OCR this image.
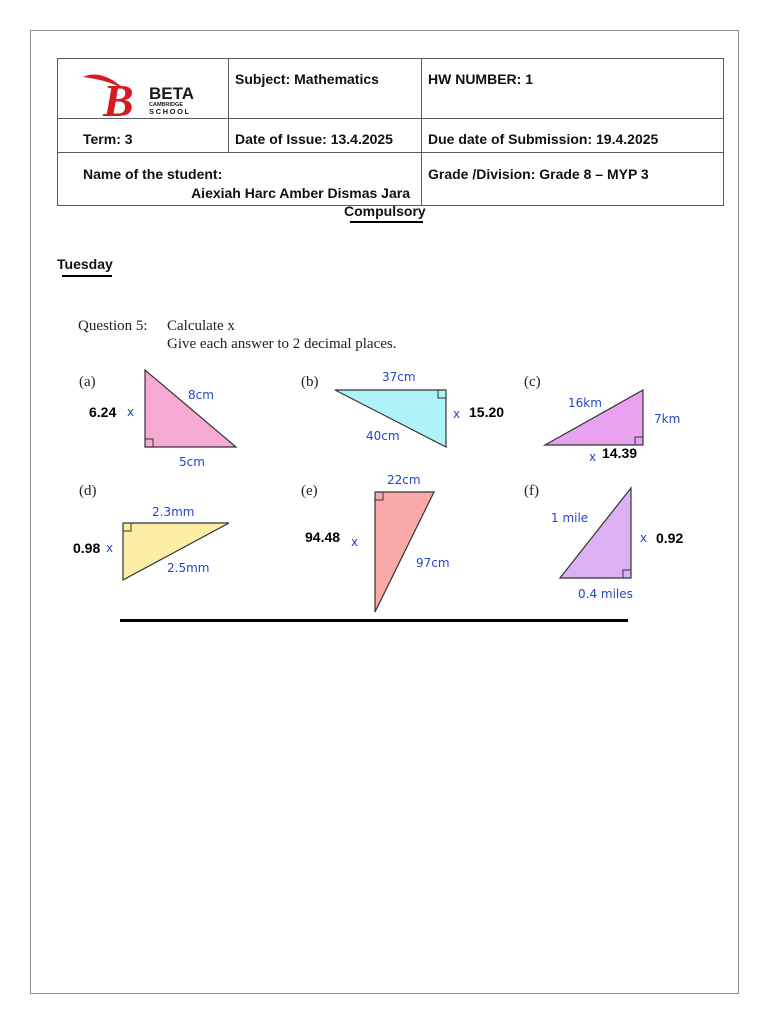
B BETA
CAMBRIDGE
SCHOOL	Subject: Mathematics	HW NUMBER: 1
Term: 3	Date of Issue: 13.4.2025	Due date of Submission: 19.4.2025
Name of the student:
Aiexiah Harc Amber Dismas Jara		Grade /Division: Grade 8 – MYP 3
Compulsory
Tuesday
Question 5: Calculate x
Give each answer to 2 decimal places.
(a)
8cm
5cm
x
6.24
(b)	37cm
40cm
x 15.20
(c)
16km
7km
x 14.39
(d)
2.3mm
2.5mm
x
0.98
(e)
22cm
97cm
x
94.48
(f)
1 mile
0.4 miles
x 0.92
